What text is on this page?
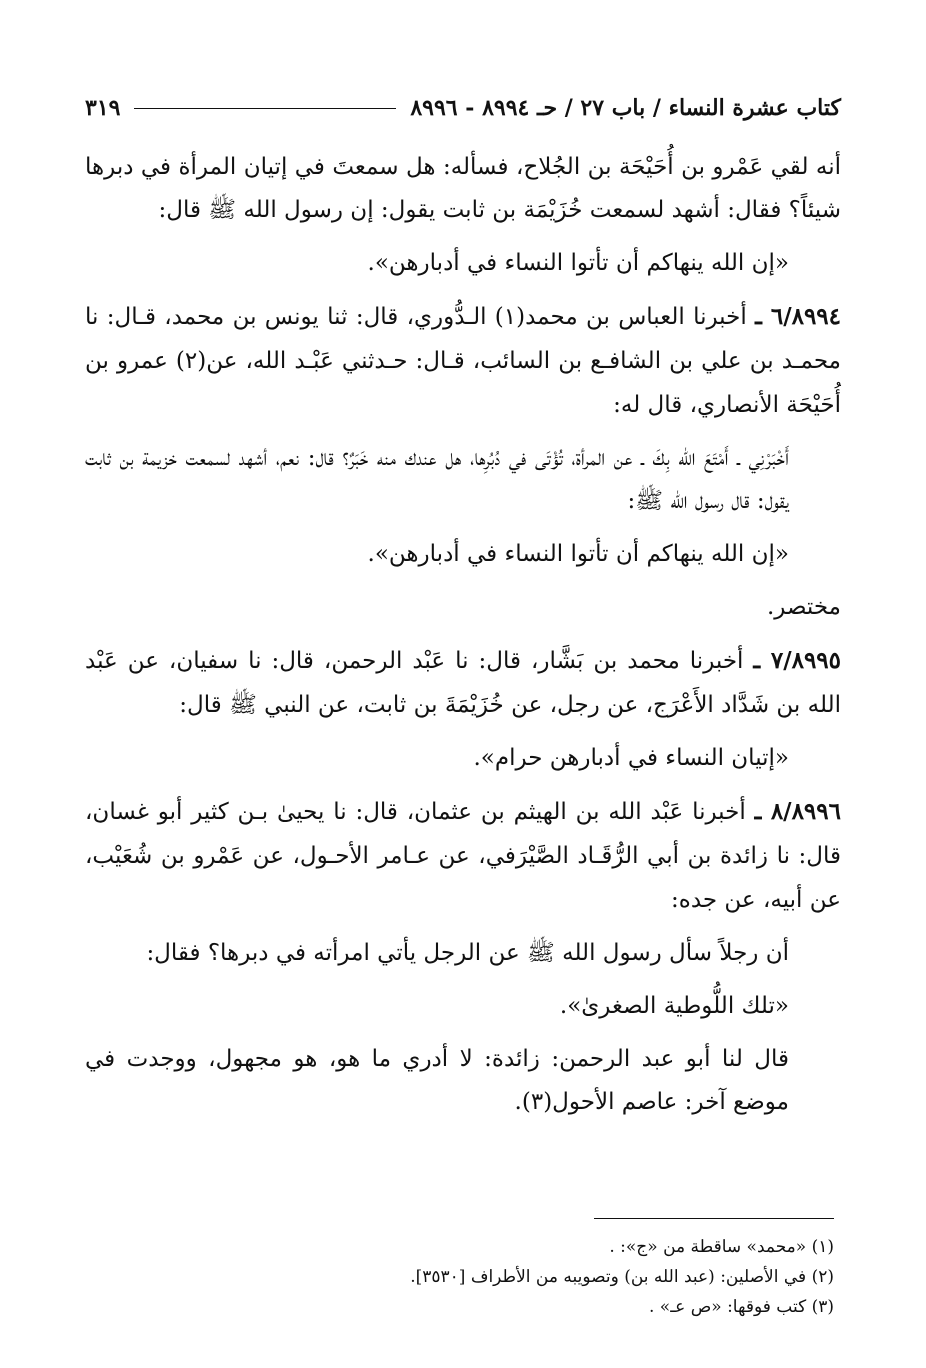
كتاب عشرة النساء / باب ٢٧ / حـ ٨٩٩٤ - ٨٩٩٦
٣١٩

أنه لقي عَمْرو بن أُحَيْحَة بن الجُلاح، فسأله: هل سمعتَ في إتيان المرأة في دبرها شيئاً؟ فقال: أشهد لسمعت خُزَيْمَة بن ثابت يقول: إن رسول الله ﷺ قال:

«إن الله ينهاكم أن تأتوا النساء في أدبارهن».

٦/٨٩٩٤ ـ أخبرنا العباس بن محمد(١) الـدُّوري، قال: ثنا يونس بن محمد، قـال: نا محمـد بن علي بن الشافـع بن السائب، قـال: حـدثني عَبْـد الله، عن(٢) عمرو بن أُحَيْحَة الأنصاري، قال له:

أَخْبَرْنِي ـ أَمْتَعَ الله بِكَ ـ عن المرأة، تُؤْتَى في دُبُرِها، هل عندك منه خَبَرٌ؟ قال: نعم، أشهد لسمعت خزيمة بن ثابت يقول: قال رسول الله ﷺ:

«إن الله ينهاكم أن تأتوا النساء في أدبارهن».

مختصر.

٧/٨٩٩٥ ـ أخبرنا محمد بن بَشَّار، قال: نا عَبْد الرحمن، قال: نا سفيان، عن عَبْد الله بن شَدَّاد الأَعْرَج، عن رجل، عن خُزَيْمَةَ بن ثابت، عن النبي ﷺ قال:

«إتيان النساء في أدبارهن حرام».

٨/٨٩٩٦ ـ أخبرنا عَبْد الله بن الهيثم بن عثمان، قال: نا يحيىٰ بـن كثير أبو غسان، قال: نا زائدة بن أبي الرُّقَـاد الصَّيْرَفي، عن عـامر الأحـول، عن عَمْرو بن شُعَيْب، عن أبيه، عن جده:

أن رجلاً سأل رسول الله ﷺ عن الرجل يأتي امرأته في دبرها؟ فقال:

«تلك اللُّوطية الصغرىٰ».

قال لنا أبو عبد الرحمن: زائدة: لا أدري ما هو، هو مجهول، ووجدت في موضع آخر: عاصم الأحول(٣).

(١) «محمد» ساقطة من «ج»: .
(٢) في الأصلين: (عبد الله بن) وتصويبه من الأطراف [٣٥٣٠].
(٣) كتب فوقها: «ص عـ» .
